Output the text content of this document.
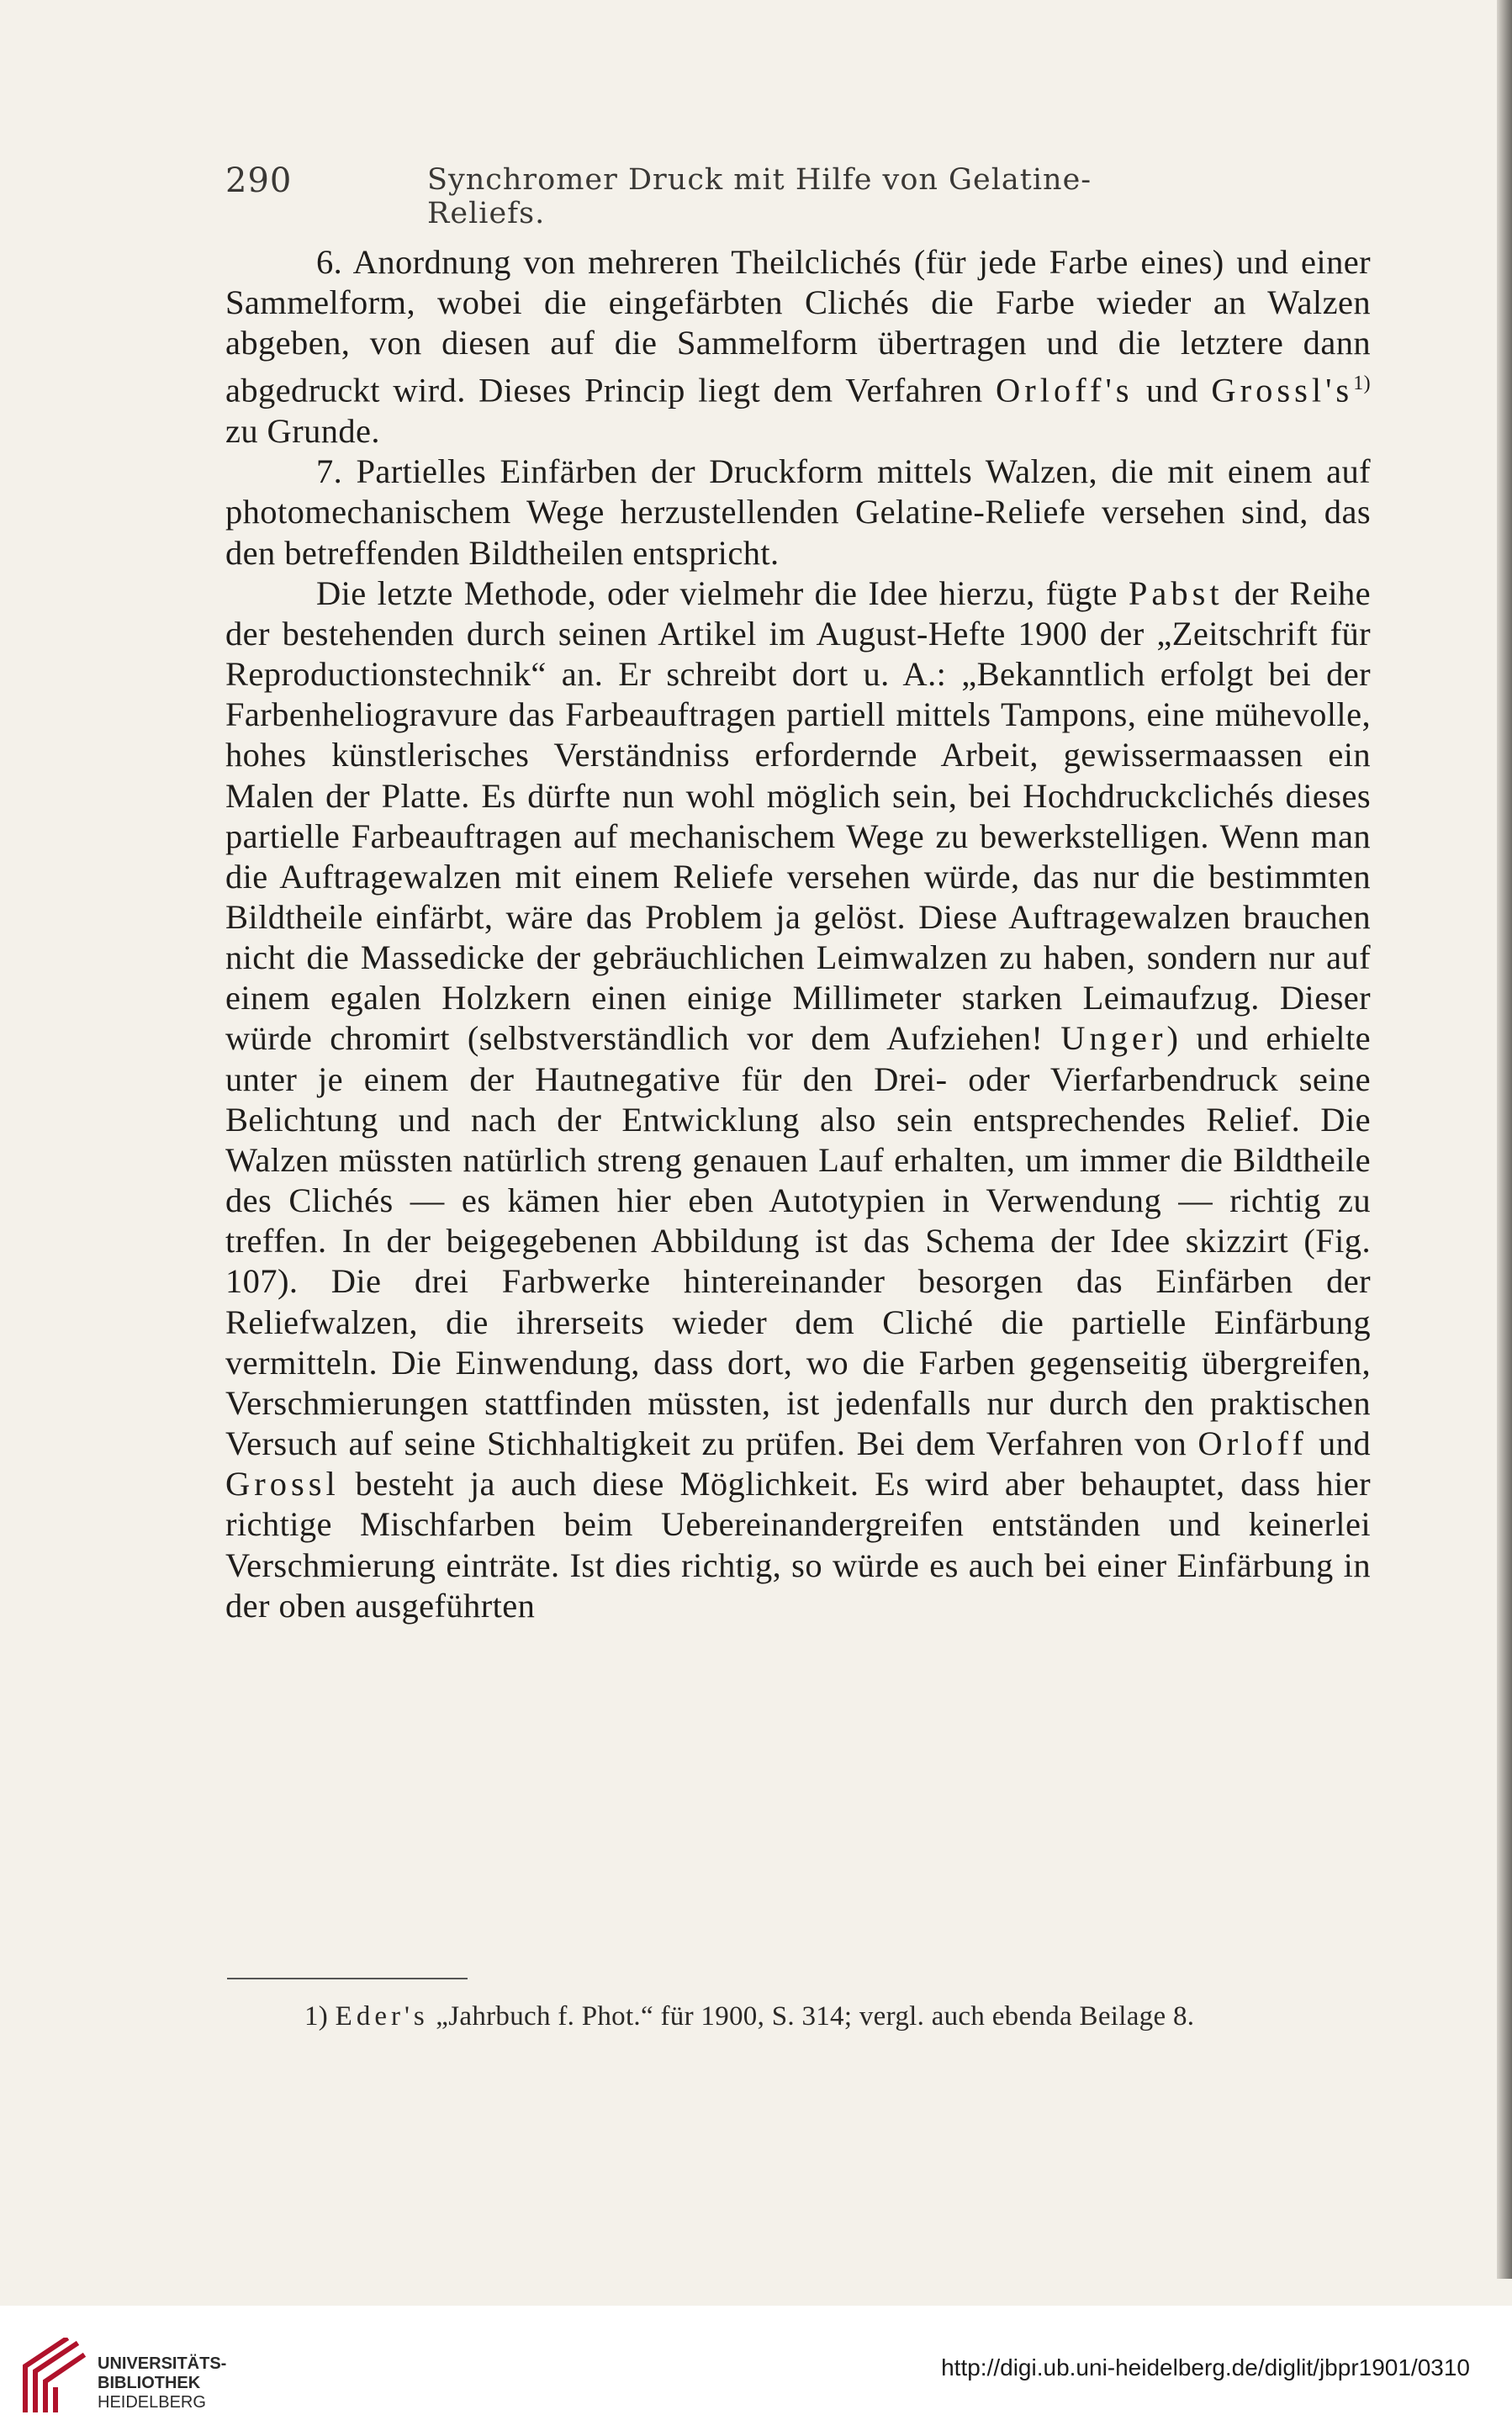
290	Synchromer Druck mit Hilfe von Gelatine-Reliefs.

6. Anordnung von mehreren Theilclichés (für jede Farbe eines) und einer Sammelform, wobei die eingefärbten Clichés die Farbe wieder an Walzen abgeben, von diesen auf die Sammelform übertragen und die letztere dann abgedruckt wird. Dieses Princip liegt dem Verfahren Orloff's und $Grossl's^{1)}$ zu Grunde.

7. Partielles Einfärben der Druckform mittels Walzen, die mit einem auf photomechanischem Wege herzustellenden Gelatine-Reliefe versehen sind, das den betreffenden Bildtheilen entspricht.

Die letzte Methode, oder vielmehr die Idee hierzu, fügte Pabst der Reihe der bestehenden durch seinen Artikel im August-Hefte 1900 der „Zeitschrift für Reproductionstechnik“ an. Er schreibt dort u. A.: „Bekanntlich erfolgt bei der Farbenheliogravure das Farbeauftragen partiell mittels Tampons, eine mühevolle, hohes künstlerisches Verständniss erfordernde Arbeit, gewissermaassen ein Malen der Platte. Es dürfte nun wohl möglich sein, bei Hochdruckclichés dieses partielle Farbeauftragen auf mechanischem Wege zu bewerkstelligen. Wenn man die Auftragewalzen mit einem Reliefe versehen würde, das nur die bestimmten Bildtheile einfärbt, wäre das Problem ja gelöst. Diese Auftragewalzen brauchen nicht die Massedicke der gebräuchlichen Leimwalzen zu haben, sondern nur auf einem egalen Holzkern einen einige Millimeter starken Leimaufzug. Dieser würde chromirt (selbstverständlich vor dem Aufziehen! Unger) und erhielte unter je einem der Hautnegative für den Drei- oder Vierfarbendruck seine Belichtung und nach der Entwicklung also sein entsprechendes Relief. Die Walzen müssten natürlich streng genauen Lauf erhalten, um immer die Bildtheile des Clichés — es kämen hier eben Autotypien in Verwendung — richtig zu treffen. In der beigegebenen Abbildung ist das Schema der Idee skizzirt (Fig. 107). Die drei Farbwerke hintereinander besorgen das Einfärben der Reliefwalzen, die ihrerseits wieder dem Cliché die partielle Einfärbung vermitteln. Die Einwendung, dass dort, wo die Farben gegenseitig übergreifen, Verschmierungen stattfinden müssten, ist jedenfalls nur durch den praktischen Versuch auf seine Stichhaltigkeit zu prüfen. Bei dem Verfahren von Orloff und Grossl besteht ja auch diese Möglichkeit. Es wird aber behauptet, dass hier richtige Mischfarben beim Uebereinandergreifen entständen und keinerlei Verschmierung einträte. Ist dies richtig, so würde es auch bei einer Einfärbung in der oben ausgeführten

1) Eder's „Jahrbuch f. Phot.“ für 1900, S. 314; vergl. auch ebenda Beilage 8.
UNIVERSITÄTS-
BIBLIOTHEK
HEIDELBERG
http://digi.ub.uni-heidelberg.de/diglit/jbpr1901/0310
